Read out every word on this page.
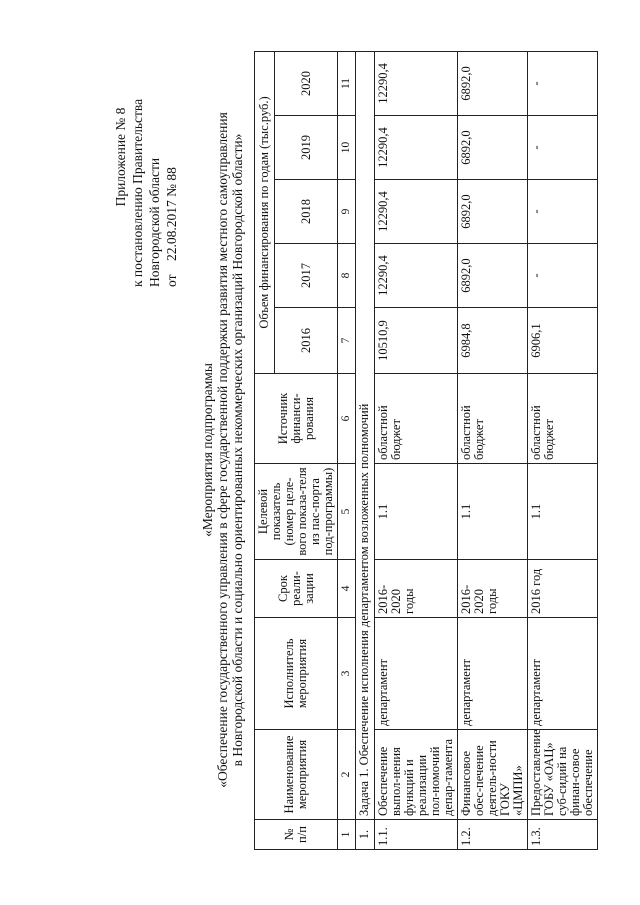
Приложение № 8 к постановлению Правительства Новгородской области от    22.08.2017 № 88
«Мероприятия подпрограммы «Обеспечение государственного управления в сфере государственной поддержки развития местного самоуправления в Новгородской области и социально ориентированных некоммерческих организаций Новгородской области»
№ п/п	Наименование мероприятия	Исполнитель мероприятия	Срок реали-зации	Целевой показатель (номер целе-вого показа-теля из пас-порта под-программы)	Источник финанси-рования	Объем финансирования по годам (тыс.руб.)				
						2016	2017	2018	2019	2020
1	2	3	4	5	6	7	8	9	10	11
1.	Задача 1. Обеспечение исполнения департаментом возложенных полномочий									
1.1.	Обеспечение выпол-нения функций и реализации пол-номочий депар-тамента	департамент	2016-2020 годы	1.1	областной бюджет	10510,9	12290,4	12290,4	12290,4	12290,4
1.2.	Финансовое обес-печение деятель-ности ГОКУ «ЦМПИ»	департамент	2016-2020 годы	1.1	областной бюджет	6984,8	6892,0	6892,0	6892,0	6892,0
1.3.	Предоставление ГОБУ «ОАЦ» суб-сидий на финан-совое обеспечение	департамент	2016 год	1.1	областной бюджет	6906,1	-	-	-	-
